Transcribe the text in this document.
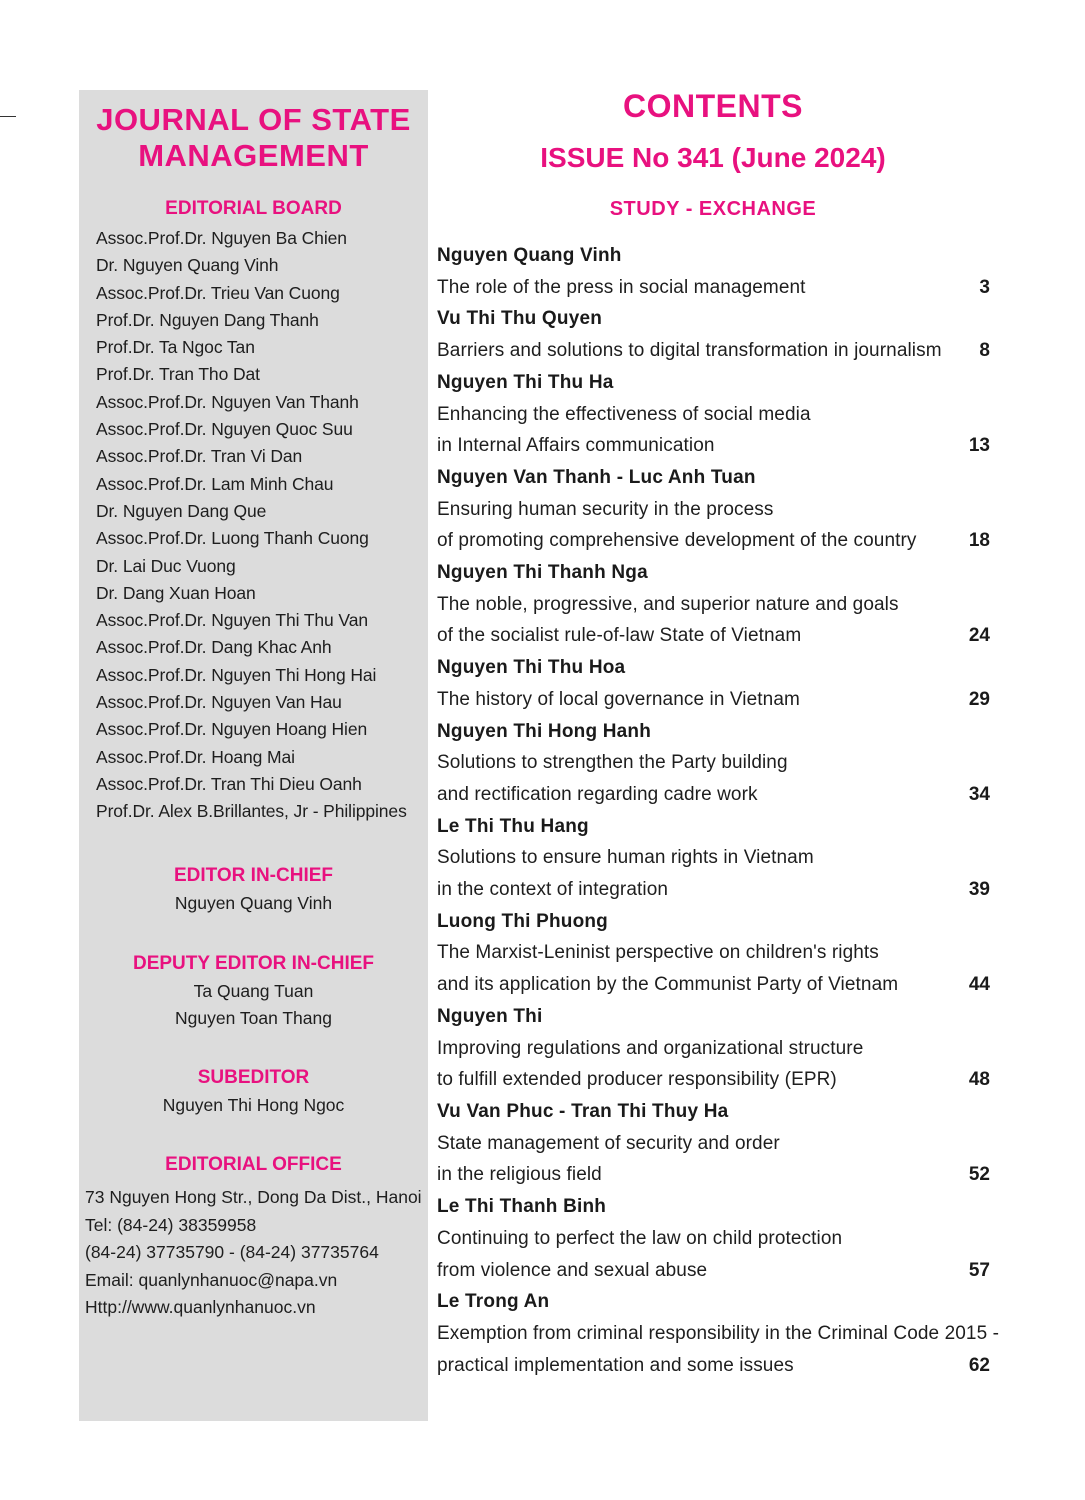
JOURNAL OF STATE MANAGEMENT
EDITORIAL BOARD
Assoc.Prof.Dr. Nguyen Ba Chien
Dr. Nguyen Quang Vinh
Assoc.Prof.Dr. Trieu Van Cuong
Prof.Dr. Nguyen Dang Thanh
Prof.Dr. Ta Ngoc Tan
Prof.Dr. Tran Tho Dat
Assoc.Prof.Dr. Nguyen Van Thanh
Assoc.Prof.Dr. Nguyen Quoc Suu
Assoc.Prof.Dr. Tran Vi Dan
Assoc.Prof.Dr. Lam Minh Chau
Dr. Nguyen Dang Que
Assoc.Prof.Dr. Luong Thanh Cuong
Dr. Lai Duc Vuong
Dr. Dang Xuan Hoan
Assoc.Prof.Dr. Nguyen Thi Thu Van
Assoc.Prof.Dr. Dang Khac Anh
Assoc.Prof.Dr. Nguyen Thi Hong Hai
Assoc.Prof.Dr. Nguyen Van Hau
Assoc.Prof.Dr. Nguyen Hoang Hien
Assoc.Prof.Dr. Hoang Mai
Assoc.Prof.Dr. Tran Thi Dieu Oanh
Prof.Dr. Alex B.Brillantes, Jr - Philippines
EDITOR IN-CHIEF
Nguyen Quang Vinh
DEPUTY EDITOR IN-CHIEF
Ta Quang Tuan
Nguyen Toan Thang
SUBEDITOR
Nguyen Thi Hong Ngoc
EDITORIAL OFFICE
73 Nguyen Hong Str., Dong Da Dist., Hanoi
Tel: (84-24) 38359958
(84-24) 37735790 - (84-24) 37735764
Email: quanlynhanuoc@napa.vn
Http://www.quanlynhanuoc.vn
CONTENTS
ISSUE No 341 (June 2024)
STUDY - EXCHANGE
Nguyen Quang Vinh
The role of the press in social management	3
Vu Thi Thu Quyen
Barriers and solutions to digital transformation in journalism	8
Nguyen Thi Thu Ha
Enhancing the effectiveness of social media
in Internal Affairs communication	13
Nguyen Van Thanh - Luc Anh Tuan
Ensuring human security in the process
of promoting comprehensive development of the country	18
Nguyen Thi Thanh Nga
The noble, progressive, and superior nature and goals
of the socialist rule-of-law State of Vietnam	24
Nguyen Thi Thu Hoa
The history of local governance in Vietnam	29
Nguyen Thi Hong Hanh
Solutions to strengthen the Party building
and rectification regarding cadre work	34
Le Thi Thu Hang
Solutions to ensure human rights in Vietnam
in the context of integration	39
Luong Thi Phuong
The Marxist-Leninist perspective on children's rights
and its application by the Communist Party of Vietnam	44
Nguyen Thi
Improving regulations and organizational structure
to fulfill extended producer responsibility (EPR)	48
Vu Van Phuc - Tran Thi Thuy Ha
State management of security and order
in the religious field	52
Le Thi Thanh Binh
Continuing to perfect the law on child protection
from violence and sexual abuse	57
Le Trong An
Exemption from criminal responsibility in the Criminal Code 2015 -
practical implementation and some issues	62
